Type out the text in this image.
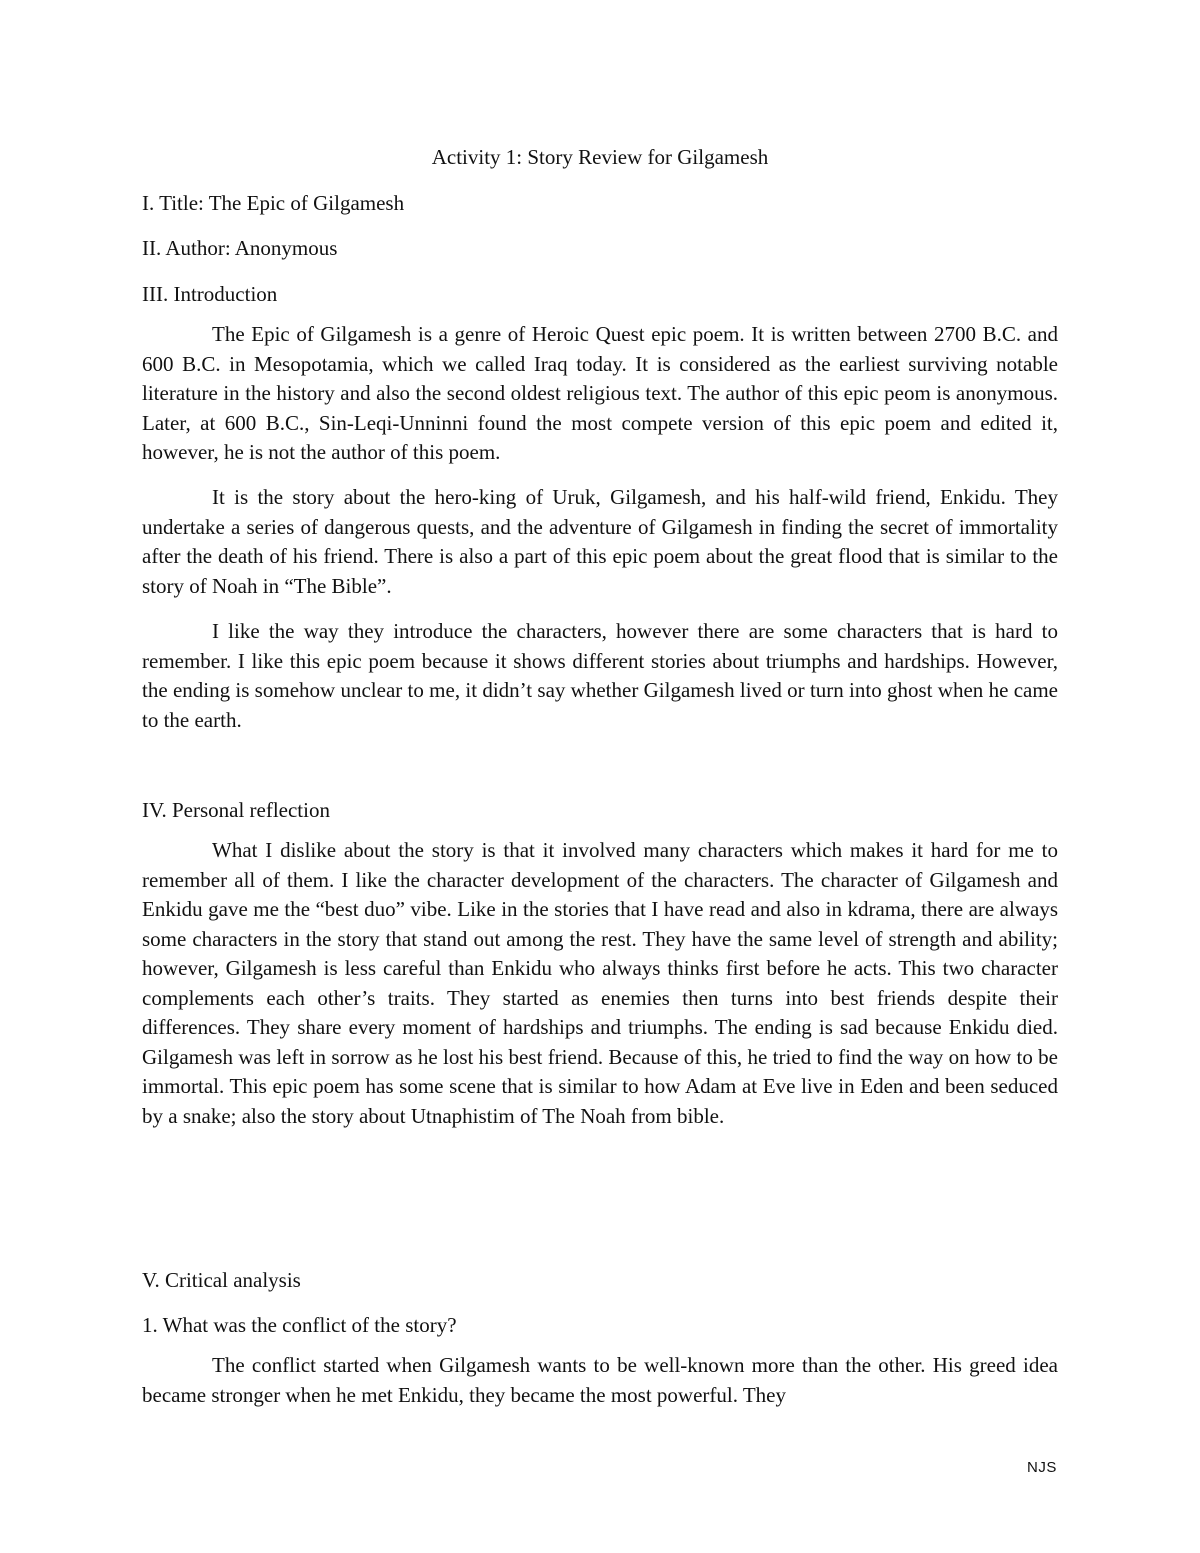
Activity 1: Story Review for Gilgamesh
I. Title: The Epic of Gilgamesh
II. Author: Anonymous
III. Introduction

The Epic of Gilgamesh is a genre of Heroic Quest epic poem. It is written between 2700 B.C. and 600 B.C. in Mesopotamia, which we called Iraq today. It is considered as the earliest surviving notable literature in the history and also the second oldest religious text. The author of this epic peom is anonymous. Later, at 600 B.C., Sin-Leqi-Unninni found the most compete version of this epic poem and edited it, however, he is not the author of this poem.

It is the story about the hero-king of Uruk, Gilgamesh, and his half-wild friend, Enkidu. They undertake a series of dangerous quests, and the adventure of Gilgamesh in finding the secret of immortality after the death of his friend. There is also a part of this epic poem about the great flood that is similar to the story of Noah in “The Bible”.

I like the way they introduce the characters, however there are some characters that is hard to remember. I like this epic poem because it shows different stories about triumphs and hardships. However, the ending is somehow unclear to me, it didn’t say whether Gilgamesh lived or turn into ghost when he came to the earth.

IV. Personal reflection

What I dislike about the story is that it involved many characters which makes it hard for me to remember all of them. I like the character development of the characters. The character of Gilgamesh and Enkidu gave me the “best duo” vibe. Like in the stories that I have read and also in kdrama, there are always some characters in the story that stand out among the rest. They have the same level of strength and ability; however, Gilgamesh is less careful than Enkidu who always thinks first before he acts. This two character complements each other’s traits. They started as enemies then turns into best friends despite their differences. They share every moment of hardships and triumphs. The ending is sad because Enkidu died. Gilgamesh was left in sorrow as he lost his best friend. Because of this, he tried to find the way on how to be immortal. This epic poem has some scene that is similar to how Adam at Eve live in Eden and been seduced by a snake; also the story about Utnaphistim of The Noah from bible.

V. Critical analysis
1. What was the conflict of the story?

The conflict started when Gilgamesh wants to be well-known more than the other. His greed idea became stronger when he met Enkidu, they became the most powerful. They

NJS
